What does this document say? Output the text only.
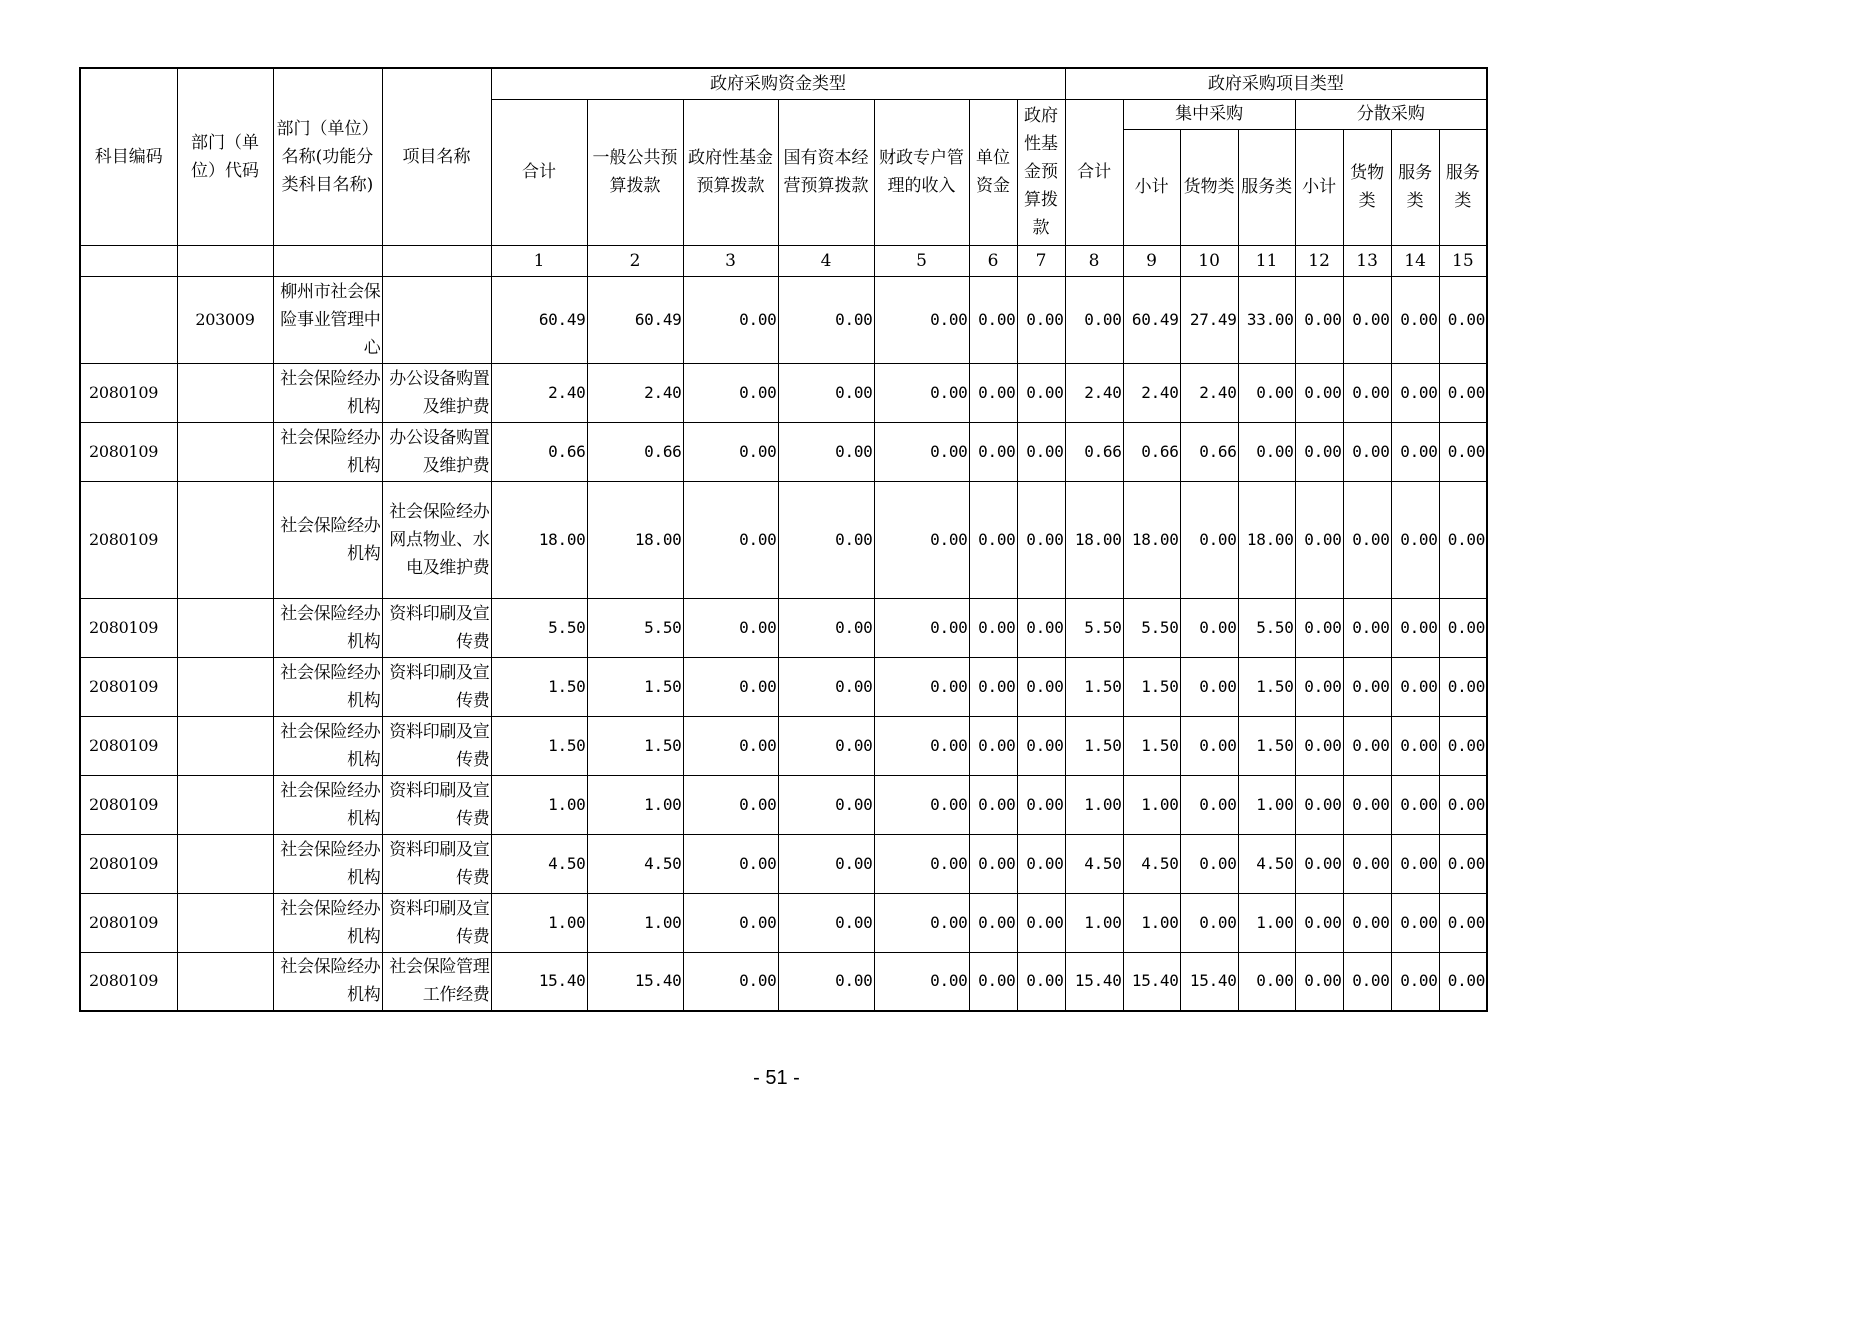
科目编码	部门（单位）代码	部门（单位）名称(功能分类科目名称)	项目名称	政府采购资金类型							政府采购项目类型							
				合计	一般公共预算拨款	政府性基金预算拨款	国有资本经营预算拨款	财政专户管理的收入	单位资金	政府性基金预算拨款	合计	集中采购			分散采购			
												小计	货物类	服务类	小计	货物类	服务类	服务类
				1	2	3	4	5	6	7	8	9	10	11	12	13	14	15
	203009	柳州市社会保险事业管理中心		60.49	60.49	0.00	0.00	0.00	0.00	0.00	0.00	60.49	27.49	33.00	0.00	0.00	0.00	0.00
2080109		社会保险经办机构	办公设备购置及维护费	2.40	2.40	0.00	0.00	0.00	0.00	0.00	2.40	2.40	2.40	0.00	0.00	0.00	0.00	0.00
2080109		社会保险经办机构	办公设备购置及维护费	0.66	0.66	0.00	0.00	0.00	0.00	0.00	0.66	0.66	0.66	0.00	0.00	0.00	0.00	0.00
2080109		社会保险经办机构	社会保险经办网点物业、水电及维护费	18.00	18.00	0.00	0.00	0.00	0.00	0.00	18.00	18.00	0.00	18.00	0.00	0.00	0.00	0.00
2080109		社会保险经办机构	资料印刷及宣传费	5.50	5.50	0.00	0.00	0.00	0.00	0.00	5.50	5.50	0.00	5.50	0.00	0.00	0.00	0.00
2080109		社会保险经办机构	资料印刷及宣传费	1.50	1.50	0.00	0.00	0.00	0.00	0.00	1.50	1.50	0.00	1.50	0.00	0.00	0.00	0.00
2080109		社会保险经办机构	资料印刷及宣传费	1.50	1.50	0.00	0.00	0.00	0.00	0.00	1.50	1.50	0.00	1.50	0.00	0.00	0.00	0.00
2080109		社会保险经办机构	资料印刷及宣传费	1.00	1.00	0.00	0.00	0.00	0.00	0.00	1.00	1.00	0.00	1.00	0.00	0.00	0.00	0.00
2080109		社会保险经办机构	资料印刷及宣传费	4.50	4.50	0.00	0.00	0.00	0.00	0.00	4.50	4.50	0.00	4.50	0.00	0.00	0.00	0.00
2080109		社会保险经办机构	资料印刷及宣传费	1.00	1.00	0.00	0.00	0.00	0.00	0.00	1.00	1.00	0.00	1.00	0.00	0.00	0.00	0.00
2080109		社会保险经办机构	社会保险管理工作经费	15.40	15.40	0.00	0.00	0.00	0.00	0.00	15.40	15.40	15.40	0.00	0.00	0.00	0.00	0.00
- 51 -
